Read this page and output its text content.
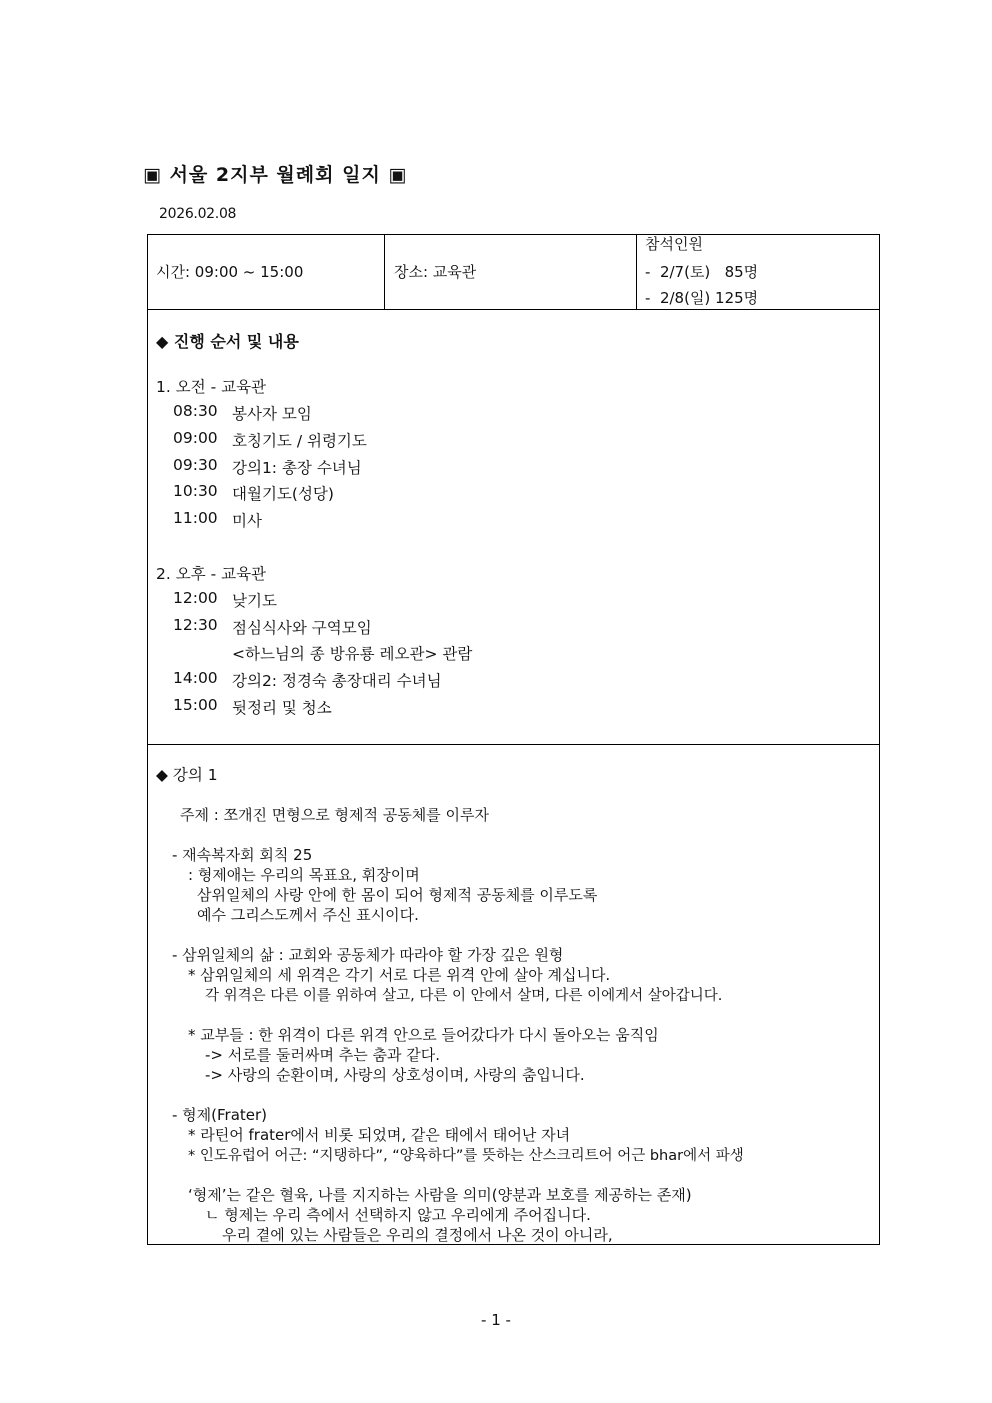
▣ 서울 2지부 월례회 일지 ▣
2026.02.08
시간: 09:00 ~ 15:00	장소: 교육관
참석인원
-  2/7(토)   85명
-  2/8(일) 125명
◆ 진행 순서 및 내용
1. 오전 - 교육관
08:30 봉사자 모임
09:00 호칭기도 / 위령기도
09:30 강의1: 총장 수녀님
10:30 대월기도(성당)
11:00 미사
2. 오후 - 교육관
12:00 낮기도
12:30 점심식사와 구역모임
<하느님의 종 방유룡 레오관> 관람
14:00 강의2: 정경숙 총장대리 수녀님
15:00 뒷정리 및 청소
◆ 강의 1
주제 : 쪼개진 면형으로 형제적 공동체를 이루자
- 재속복자회 회칙 25
: 형제애는 우리의 목표요, 휘장이며
삼위일체의 사랑 안에 한 몸이 되어 형제적 공동체를 이루도록
예수 그리스도께서 주신 표시이다.
- 삼위일체의 삶 : 교회와 공동체가 따라야 할 가장 깊은 원형
* 삼위일체의 세 위격은 각기 서로 다른 위격 안에 살아 계십니다.
각 위격은 다른 이를 위하여 살고, 다른 이 안에서 살며, 다른 이에게서 살아갑니다.
* 교부들 : 한 위격이 다른 위격 안으로 들어갔다가 다시 돌아오는 움직임
-> 서로를 둘러싸며 추는 춤과 같다.
-> 사랑의 순환이며, 사랑의 상호성이며, 사랑의 춤입니다.
- 형제(Frater)
* 라틴어 frater에서 비롯 되었며, 같은 태에서 태어난 자녀
* 인도유럽어 어근: “지탱하다”, “양육하다”를 뜻하는 산스크리트어 어근 bhar에서 파생
‘형제’는 같은 혈육, 나를 지지하는 사람을 의미(양분과 보호를 제공하는 존재)
ㄴ 형제는 우리 측에서 선택하지 않고 우리에게 주어집니다.
우리 곁에 있는 사람들은 우리의 결정에서 나온 것이 아니라,
- 1 -
